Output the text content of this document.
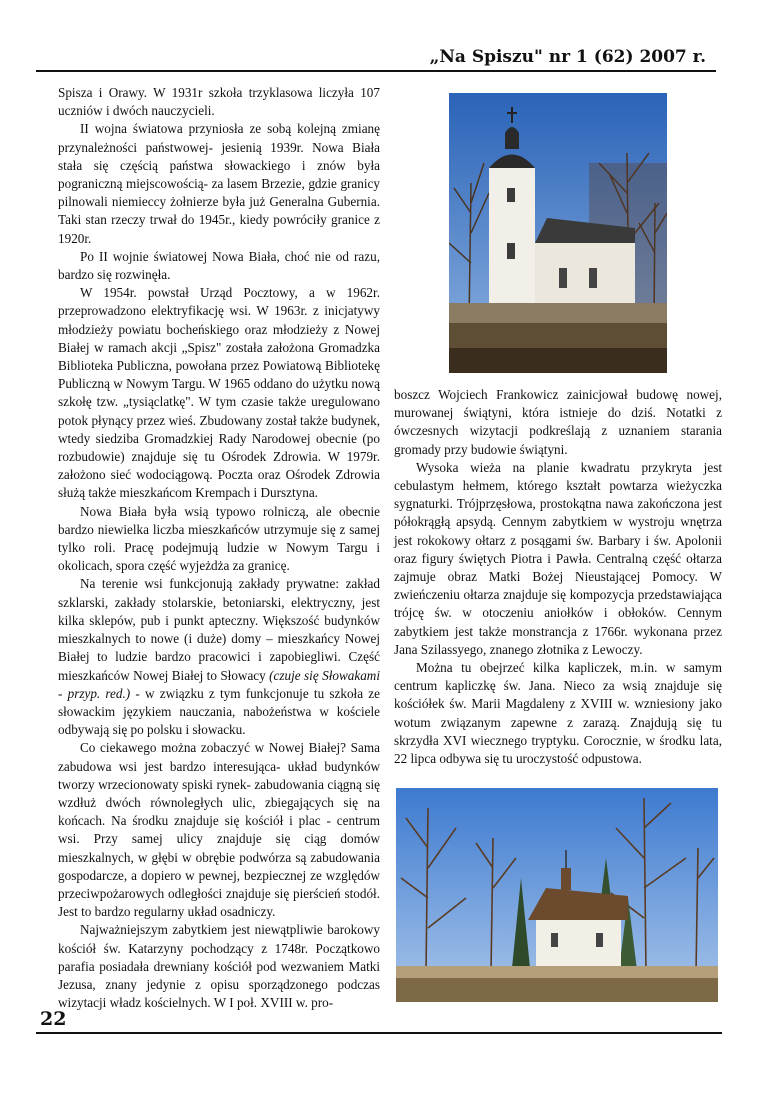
„Na Spiszu" nr 1 (62) 2007 r.

Spisza i Orawy. W 1931r szkoła trzyklasowa liczyła 107 uczniów i dwóch nauczycieli.

II wojna światowa przyniosła ze sobą kolejną zmianę przynależności państwowej- jesienią 1939r. Nowa Biała stała się częścią państwa słowackiego i znów była pograniczną miejscowością- za lasem Brzezie, gdzie granicy pilnowali niemieccy żołnierze była już Generalna Gubernia. Taki stan rzeczy trwał do 1945r., kiedy powróciły granice z 1920r.

Po II wojnie światowej Nowa Biała, choć nie od razu, bardzo się rozwinęła.

W 1954r. powstał Urząd Pocztowy, a w 1962r. przeprowadzono elektryfikację wsi. W 1963r. z inicjatywy młodzieży powiatu bocheńskiego oraz młodzieży z Nowej Białej w ramach akcji „Spisz" została założona Gromadzka Biblioteka Publiczna, powołana przez Powiatową Bibliotekę Publiczną w Nowym Targu. W 1965 oddano do użytku nową szkołę tzw. „tysiąclatkę". W tym czasie także uregulowano potok płynący przez wieś. Zbudowany został także budynek, wtedy siedziba Gromadzkiej Rady Narodowej obecnie (po rozbudowie) znajduje się tu Ośrodek Zdrowia. W 1979r. założono sieć wodociągową. Poczta oraz Ośrodek Zdrowia służą także mieszkańcom Krempach i Dursztyna.

Nowa Biała była wsią typowo rolniczą, ale obecnie bardzo niewielka liczba mieszkańców utrzymuje się z samej tylko roli. Pracę podejmują ludzie w Nowym Targu i okolicach, spora część wyjeżdża za granicę.

Na terenie wsi funkcjonują zakłady prywatne: zakład szklarski, zakłady stolarskie, betoniarski, elektryczny, jest kilka sklepów, pub i punkt apteczny. Większość budynków mieszkalnych to nowe (i duże) domy – mieszkańcy Nowej Białej to ludzie bardzo pracowici i zapobiegliwi. Część mieszkańców Nowej Białej to Słowacy (czuje się Słowakami - przyp. red.) - w związku z tym funkcjonuje tu szkoła ze słowackim językiem nauczania, nabożeństwa w kościele odbywają się po polsku i słowacku.

Co ciekawego można zobaczyć w Nowej Białej? Sama zabudowa wsi jest bardzo interesująca- układ budynków tworzy wrzecionowaty spiski rynek- zabudowania ciągną się wzdłuż dwóch równoległych ulic, zbiegających się na końcach. Na środku znajduje się kościół i plac - centrum wsi. Przy samej ulicy znajduje się ciąg domów mieszkalnych, w głębi w obrębie podwórza są zabudowania gospodarcze, a dopiero w pewnej, bezpiecznej ze względów przeciwpożarowych odległości znajduje się pierścień stodół. Jest to bardzo regularny układ osadniczy.

Najważniejszym zabytkiem jest niewątpliwie barokowy kościół św. Katarzyny pochodzący z 1748r. Początkowo parafia posiadała drewniany kościół pod wezwaniem Matki Jezusa, znany jedynie z opisu sporządzonego podczas wizytacji władz kościelnych. W I poł. XVIII w. pro-

boszcz Wojciech Frankowicz zainicjował budowę nowej, murowanej świątyni, która istnieje do dziś. Notatki z ówczesnych wizytacji podkreślają z uznaniem starania gromady przy budowie świątyni.

Wysoka wieża na planie kwadratu przykryta jest cebulastym hełmem, którego kształt powtarza wieżyczka sygnaturki. Trójprzęsłowa, prostokątna nawa zakończona jest półokrągłą apsydą. Cennym zabytkiem w wystroju wnętrza jest rokokowy ołtarz z posągami św. Barbary i św. Apolonii oraz figury świętych Piotra i Pawła. Centralną część ołtarza zajmuje obraz Matki Bożej Nieustającej Pomocy. W zwieńczeniu ołtarza znajduje się kompozycja przedstawiająca trójcę św. w otoczeniu aniołków i obłoków. Cennym zabytkiem jest także monstrancja z 1766r. wykonana przez Jana Szilassyego, znanego złotnika z Lewoczy.

Można tu obejrzeć kilka kapliczek, m.in. w samym centrum kapliczkę św. Jana. Nieco za wsią znajduje się kościółek św. Marii Magdaleny z XVIII w. wzniesiony jako wotum związanym zapewne z zarazą. Znajdują się tu skrzydła XVI wiecznego tryptyku. Corocznie, w środku lata, 22 lipca odbywa się tu uroczystość odpustowa.

22
